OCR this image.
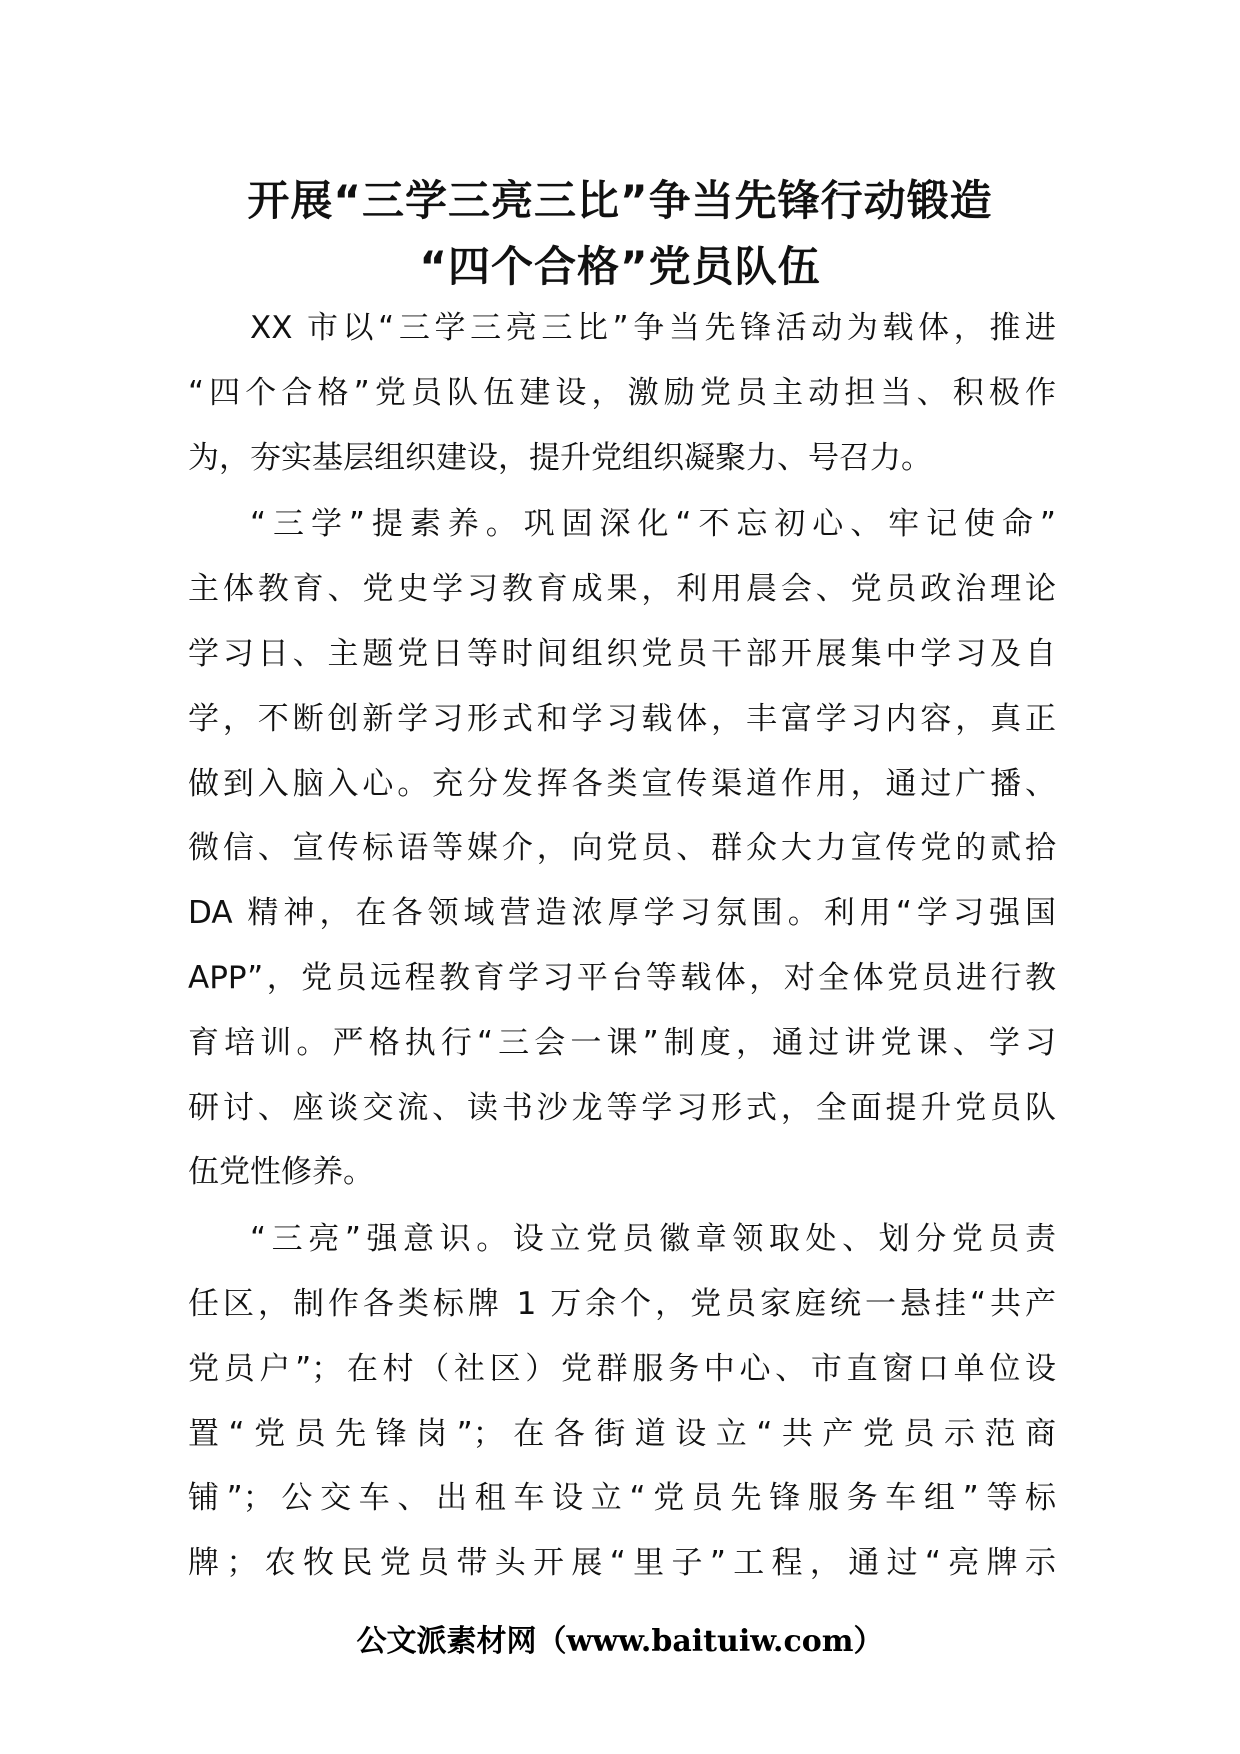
开展“三学三亮三比”争当先锋行动锻造
“四个合格”党员队伍

XX 市以“三学三亮三比”争当先锋活动为载体，推进
“四个合格”党员队伍建设，激励党员主动担当、积极作
为，夯实基层组织建设，提升党组织凝聚力、号召力。

“三学”提素养。巩固深化“不忘初心、牢记使命”
主体教育、党史学习教育成果，利用晨会、党员政治理论
学习日、主题党日等时间组织党员干部开展集中学习及自
学，不断创新学习形式和学习载体，丰富学习内容，真正
做到入脑入心。充分发挥各类宣传渠道作用，通过广播、
微信、宣传标语等媒介，向党员、群众大力宣传党的贰拾
DA 精神，在各领域营造浓厚学习氛围。利用“学习强国
APP”，党员远程教育学习平台等载体，对全体党员进行教
育培训。严格执行“三会一课”制度，通过讲党课、学习
研讨、座谈交流、读书沙龙等学习形式，全面提升党员队
伍党性修养。

“三亮”强意识。设立党员徽章领取处、划分党员责
任区，制作各类标牌 1 万余个，党员家庭统一悬挂“共产
党员户”；在村（社区）党群服务中心、市直窗口单位设
置“党员先锋岗”；在各街道设立“共产党员示范商
铺”；公交车、出租车设立“党员先锋服务车组”等标
牌；农牧民党员带头开展“里子”工程，通过“亮牌示

公文派素材网（www.baituiw.com）
